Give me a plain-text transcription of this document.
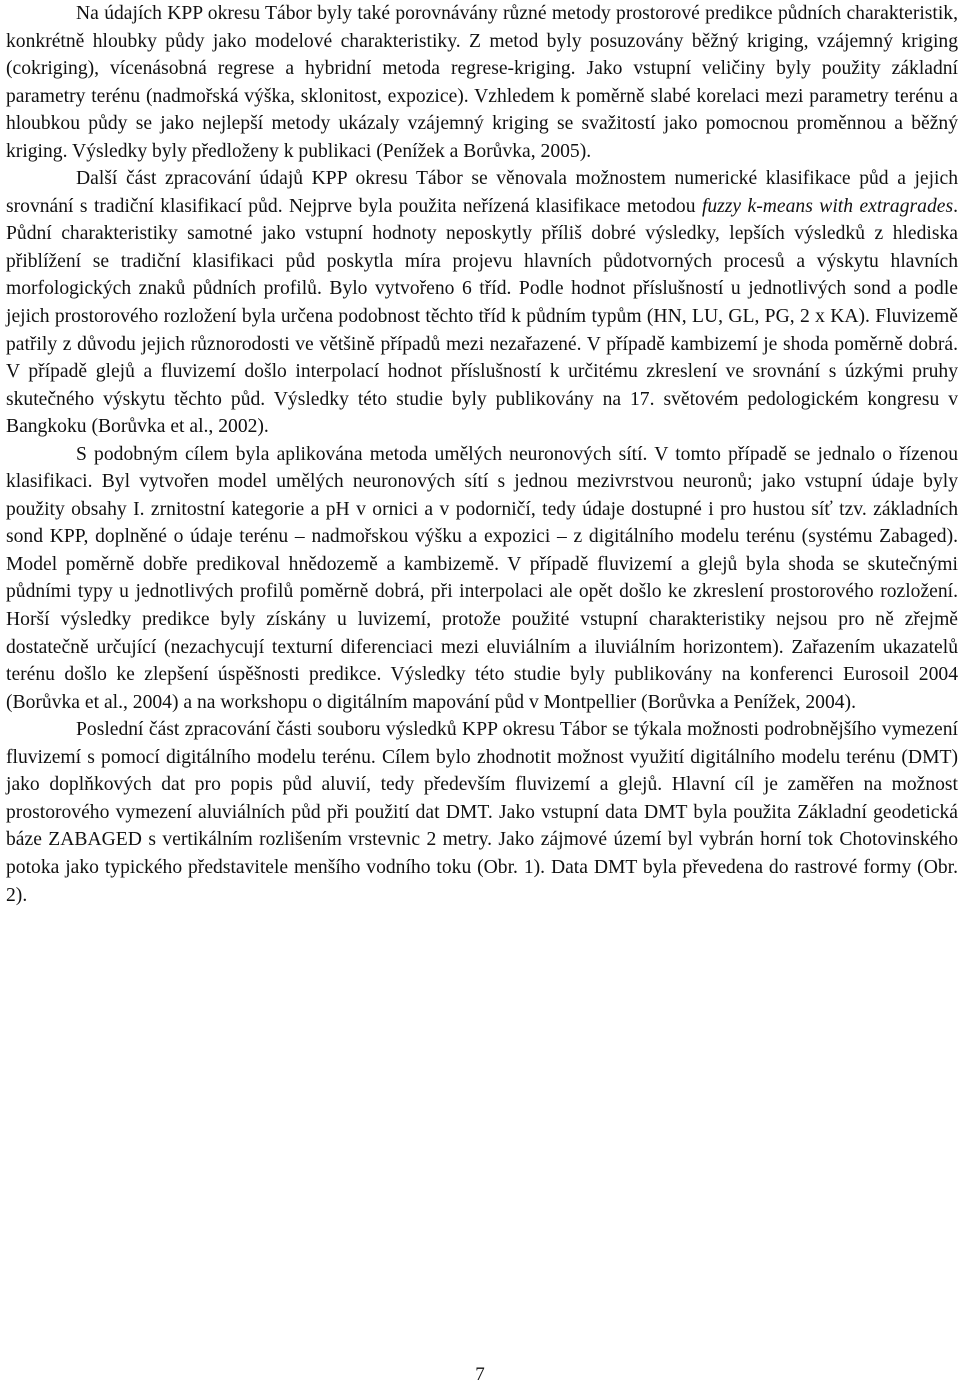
Na údajích KPP okresu Tábor byly také porovnávány různé metody prostorové predikce půdních charakteristik, konkrétně hloubky půdy jako modelové charakteristiky. Z metod byly posuzovány běžný kriging, vzájemný kriging (cokriging), vícenásobná regrese a hybridní metoda regrese-kriging. Jako vstupní veličiny byly použity základní parametry terénu (nadmořská výška, sklonitost, expozice). Vzhledem k poměrně slabé korelaci mezi parametry terénu a hloubkou půdy se jako nejlepší metody ukázaly vzájemný kriging se svažitostí jako pomocnou proměnnou a běžný kriging. Výsledky byly předloženy k publikaci (Penížek a Borůvka, 2005).

Další část zpracování údajů KPP okresu Tábor se věnovala možnostem numerické klasifikace půd a jejich srovnání s tradiční klasifikací půd. Nejprve byla použita neřízená klasifikace metodou fuzzy k-means with extragrades. Půdní charakteristiky samotné jako vstupní hodnoty neposkytly příliš dobré výsledky, lepších výsledků z hlediska přiblížení se tradiční klasifikaci půd poskytla míra projevu hlavních půdotvorných procesů a výskytu hlavních morfologických znaků půdních profilů. Bylo vytvořeno 6 tříd. Podle hodnot příslušností u jednotlivých sond a podle jejich prostorového rozložení byla určena podobnost těchto tříd k půdním typům (HN, LU, GL, PG, 2 x KA). Fluvizemě patřily z důvodu jejich různorodosti ve většině případů mezi nezařazené. V případě kambizemí je shoda poměrně dobrá. V případě glejů a fluvizemí došlo interpolací hodnot příslušností k určitému zkreslení ve srovnání s úzkými pruhy skutečného výskytu těchto půd. Výsledky této studie byly publikovány na 17. světovém pedologickém kongresu v Bangkoku (Borůvka et al., 2002).

S podobným cílem byla aplikována metoda umělých neuronových sítí. V tomto případě se jednalo o řízenou klasifikaci. Byl vytvořen model umělých neuronových sítí s jednou mezivrstvou neuronů; jako vstupní údaje byly použity obsahy I. zrnitostní kategorie a pH v ornici a v podorničí, tedy údaje dostupné i pro hustou síť tzv. základních sond KPP, doplněné o údaje terénu – nadmořskou výšku a expozici – z digitálního modelu terénu (systému Zabaged). Model poměrně dobře predikoval hnědozemě a kambizemě. V případě fluvizemí a glejů byla shoda se skutečnými půdními typy u jednotlivých profilů poměrně dobrá, při interpolaci ale opět došlo ke zkreslení prostorového rozložení. Horší výsledky predikce byly získány u luvizemí, protože použité vstupní charakteristiky nejsou pro ně zřejmě dostatečně určující (nezachycují texturní diferenciaci mezi eluviálním a iluviálním horizontem). Zařazením ukazatelů terénu došlo ke zlepšení úspěšnosti predikce. Výsledky této studie byly publikovány na konferenci Eurosoil 2004 (Borůvka et al., 2004) a na workshopu o digitálním mapování půd v Montpellier (Borůvka a Penížek, 2004).

Poslední část zpracování části souboru výsledků KPP okresu Tábor se týkala možnosti podrobnějšího vymezení fluvizemí s pomocí digitálního modelu terénu. Cílem bylo zhodnotit možnost využití digitálního modelu terénu (DMT) jako doplňkových dat pro popis půd aluvií, tedy především fluvizemí a glejů. Hlavní cíl je zaměřen na možnost prostorového vymezení aluviálních půd při použití dat DMT. Jako vstupní data DMT byla použita Základní geodetická báze ZABAGED s vertikálním rozlišením vrstevnic 2 metry. Jako zájmové území byl vybrán horní tok Chotovinského potoka jako typického představitele menšího vodního toku (Obr. 1). Data DMT byla převedena do rastrové formy (Obr. 2).

7
